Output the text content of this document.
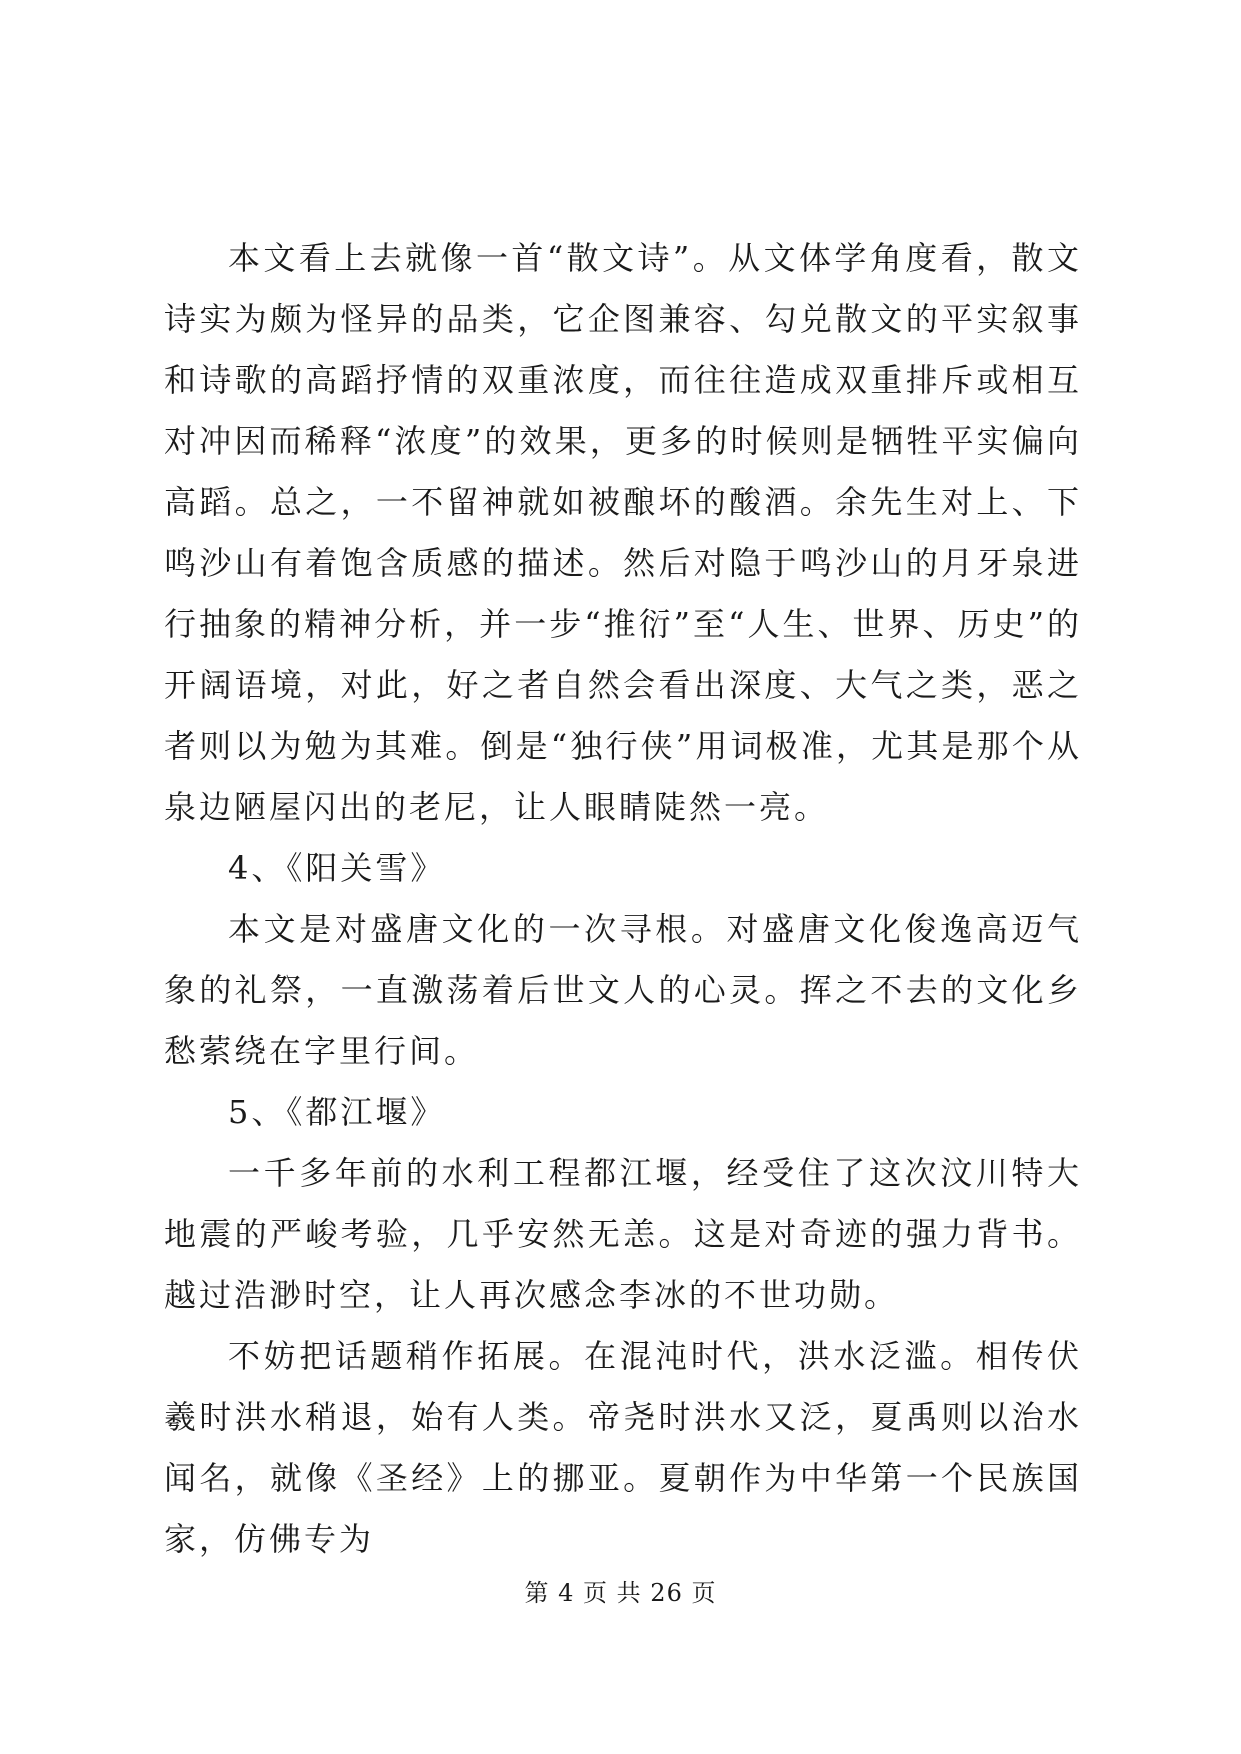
本文看上去就像一首“散文诗”。从文体学角度看，散文诗实为颇为怪异的品类，它企图兼容、勾兑散文的平实叙事和诗歌的高蹈抒情的双重浓度，而往往造成双重排斥或相互对冲因而稀释“浓度”的效果，更多的时候则是牺牲平实偏向高蹈。总之，一不留神就如被酿坏的酸酒。余先生对上、下鸣沙山有着饱含质感的描述。然后对隐于鸣沙山的月牙泉进行抽象的精神分析，并一步“推衍”至“人生、世界、历史”的开阔语境，对此，好之者自然会看出深度、大气之类，恶之者则以为勉为其难。倒是“独行侠”用词极准，尤其是那个从泉边陋屋闪出的老尼，让人眼睛陡然一亮。

4、《阳关雪》

本文是对盛唐文化的一次寻根。对盛唐文化俊逸高迈气象的礼祭，一直激荡着后世文人的心灵。挥之不去的文化乡愁萦绕在字里行间。

5、《都江堰》

一千多年前的水利工程都江堰，经受住了这次汶川特大地震的严峻考验，几乎安然无恙。这是对奇迹的强力背书。越过浩渺时空，让人再次感念李冰的不世功勋。

不妨把话题稍作拓展。在混沌时代，洪水泛滥。相传伏羲时洪水稍退，始有人类。帝尧时洪水又泛，夏禹则以治水闻名，就像《圣经》上的挪亚。夏朝作为中华第一个民族国家，仿佛专为

第 4 页 共 26 页
